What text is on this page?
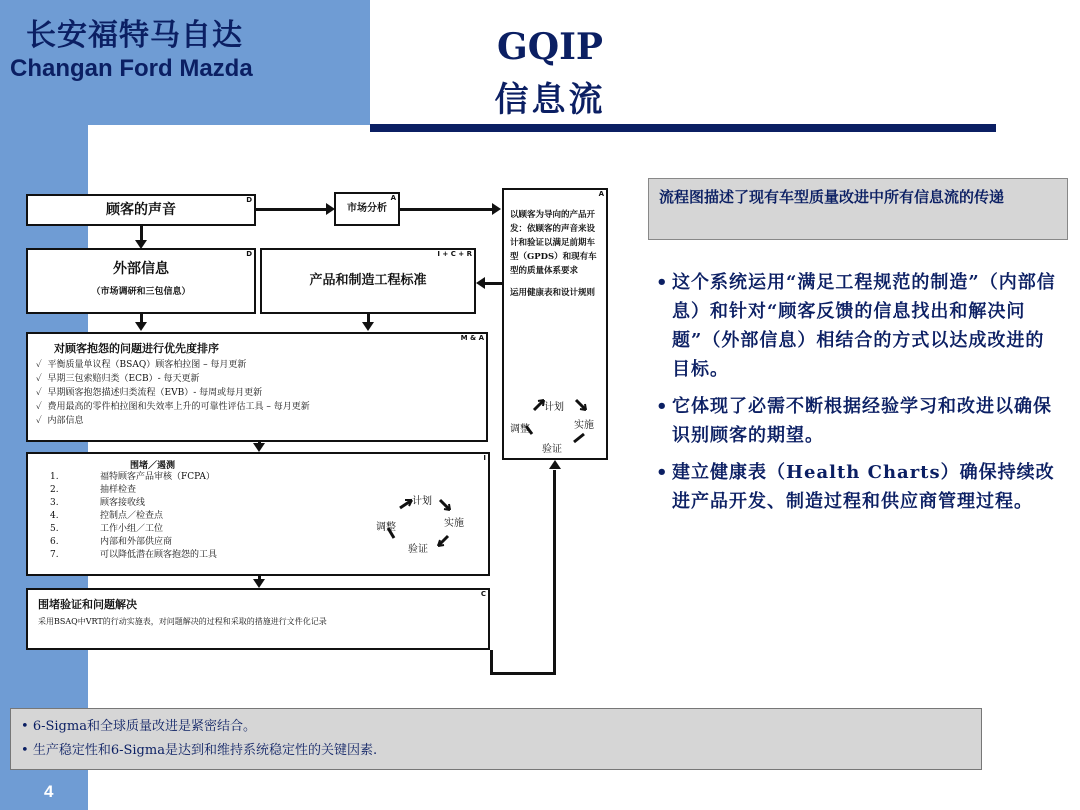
长安福特马自达
Changan Ford Mazda
GQIP
信息流
顾客的声音
D
市场分析
A
外部信息
（市场调研和三包信息）
D
产品和制造工程标准
I + C + R
对顾客抱怨的问题进行优先度排序
M & A
✓ 平衡质量单议程（BSAQ）顾客柏拉图 – 每月更新
✓ 早期三包索赔归类（ECB）- 每天更新
✓ 早期顾客抱怨描述归类流程（EVB）- 每周或每月更新
✓ 费用最高的零件柏拉图和失效率上升的可靠性评估工具 – 每月更新
✓ 内部信息
围堵／遏测
I
1.	福特顾客产品审核（FCPA）
2.	抽样检查
3.	顾客接收线
4.	控制点／检查点
5.	工作小组／工位
6.	内部和外部供应商
7.	可以降低潜在顾客抱怨的工具
计划
实施
验证
调整
围堵验证和问题解决
采用BSAQ中VRT的行动实施表，对问题解决的过程和采取的措施进行文件化记录
C
A
以顾客为导向的产品开发：依顾客的声音来设计和验证以满足前期车型（GPDS）和现有车型的质量体系要求
运用健康表和设计规则
计划
实施
验证
调整
流程图描述了现有车型质量改进中所有信息流的传递
• 这个系统运用“满足工程规范的制造”（内部信息）和针对“顾客反馈的信息找出和解决问题”（外部信息）相结合的方式以达成改进的目标。
• 它体现了必需不断根据经验学习和改进以确保识别顾客的期望。
• 建立健康表（Health Charts）确保持续改进产品开发、制造过程和供应商管理过程。
• 6-Sigma和全球质量改进是紧密结合。
• 生产稳定性和6-Sigma是达到和维持系统稳定性的关键因素.
4
